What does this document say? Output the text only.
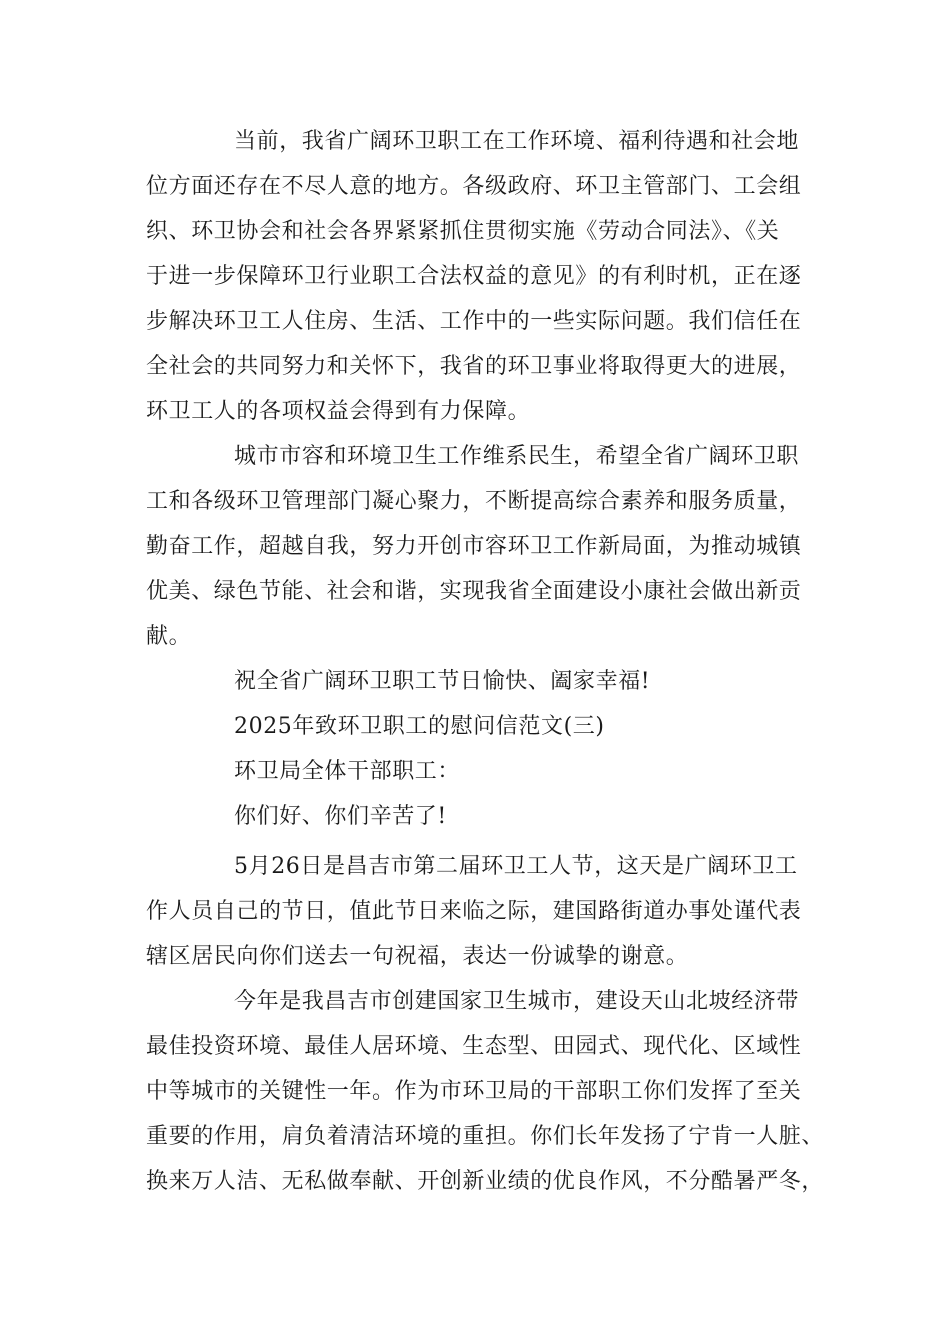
当前，我省广阔环卫职工在工作环境、福利待遇和社会地
位方面还存在不尽人意的地方。各级政府、环卫主管部门、工会组
织、环卫协会和社会各界紧紧抓住贯彻实施《劳动合同法》、《关
于进一步保障环卫行业职工合法权益的意见》的有利时机，正在逐
步解决环卫工人住房、生活、工作中的一些实际问题。我们信任在
全社会的共同努力和关怀下，我省的环卫事业将取得更大的进展，
环卫工人的各项权益会得到有力保障。
城市市容和环境卫生工作维系民生，希望全省广阔环卫职
工和各级环卫管理部门凝心聚力，不断提高综合素养和服务质量，
勤奋工作，超越自我，努力开创市容环卫工作新局面，为推动城镇
优美、绿色节能、社会和谐，实现我省全面建设小康社会做出新贡
献。
祝全省广阔环卫职工节日愉快、阖家幸福!
2025年致环卫职工的慰问信范文(三)
环卫局全体干部职工：
你们好、你们辛苦了!
5月26日是昌吉市第二届环卫工人节，这天是广阔环卫工
作人员自己的节日，值此节日来临之际，建国路街道办事处谨代表
辖区居民向你们送去一句祝福，表达一份诚挚的谢意。
今年是我昌吉市创建国家卫生城市，建设天山北坡经济带
最佳投资环境、最佳人居环境、生态型、田园式、现代化、区域性
中等城市的关键性一年。作为市环卫局的干部职工你们发挥了至关
重要的作用，肩负着清洁环境的重担。你们长年发扬了宁肯一人脏、
换来万人洁、无私做奉献、开创新业绩的优良作风，不分酷暑严冬，
